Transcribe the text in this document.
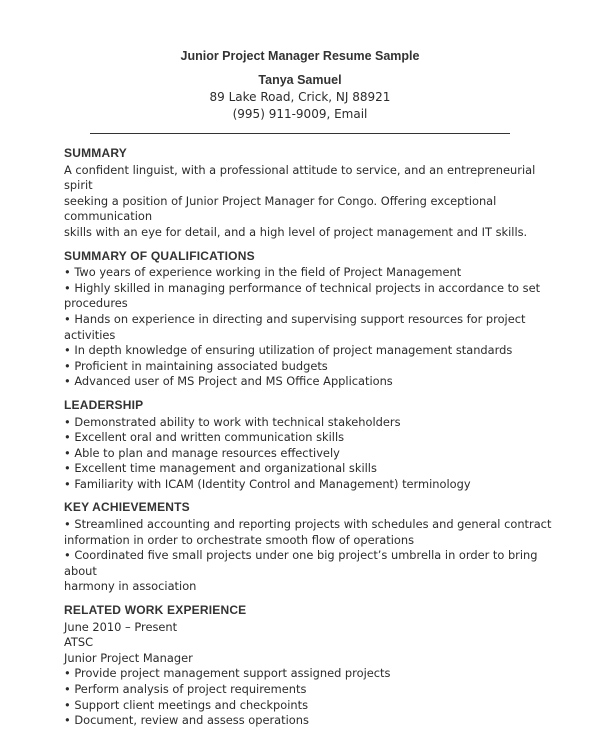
Junior Project Manager Resume Sample
Tanya Samuel
89 Lake Road, Crick, NJ 88921
(995) 911-9009, Email
SUMMARY
A confident linguist, with a professional attitude to service, and an entrepreneurial spirit
seeking a position of Junior Project Manager for Congo. Offering exceptional communication
skills with an eye for detail, and a high level of project management and IT skills.
SUMMARY OF QUALIFICATIONS
• Two years of experience working in the field of Project Management
• Highly skilled in managing performance of technical projects in accordance to set
procedures
• Hands on experience in directing and supervising support resources for project activities
• In depth knowledge of ensuring utilization of project management standards
• Proficient in maintaining associated budgets
• Advanced user of MS Project and MS Office Applications
LEADERSHIP
• Demonstrated ability to work with technical stakeholders
• Excellent oral and written communication skills
• Able to plan and manage resources effectively
• Excellent time management and organizational skills
• Familiarity with ICAM (Identity Control and Management) terminology
KEY ACHIEVEMENTS
• Streamlined accounting and reporting projects with schedules and general contract
information in order to orchestrate smooth flow of operations
• Coordinated five small projects under one big project’s umbrella in order to bring about
harmony in association
RELATED WORK EXPERIENCE
June 2010 – Present
ATSC
Junior Project Manager
• Provide project management support assigned projects
• Perform analysis of project requirements
• Support client meetings and checkpoints
• Document, review and assess operations
